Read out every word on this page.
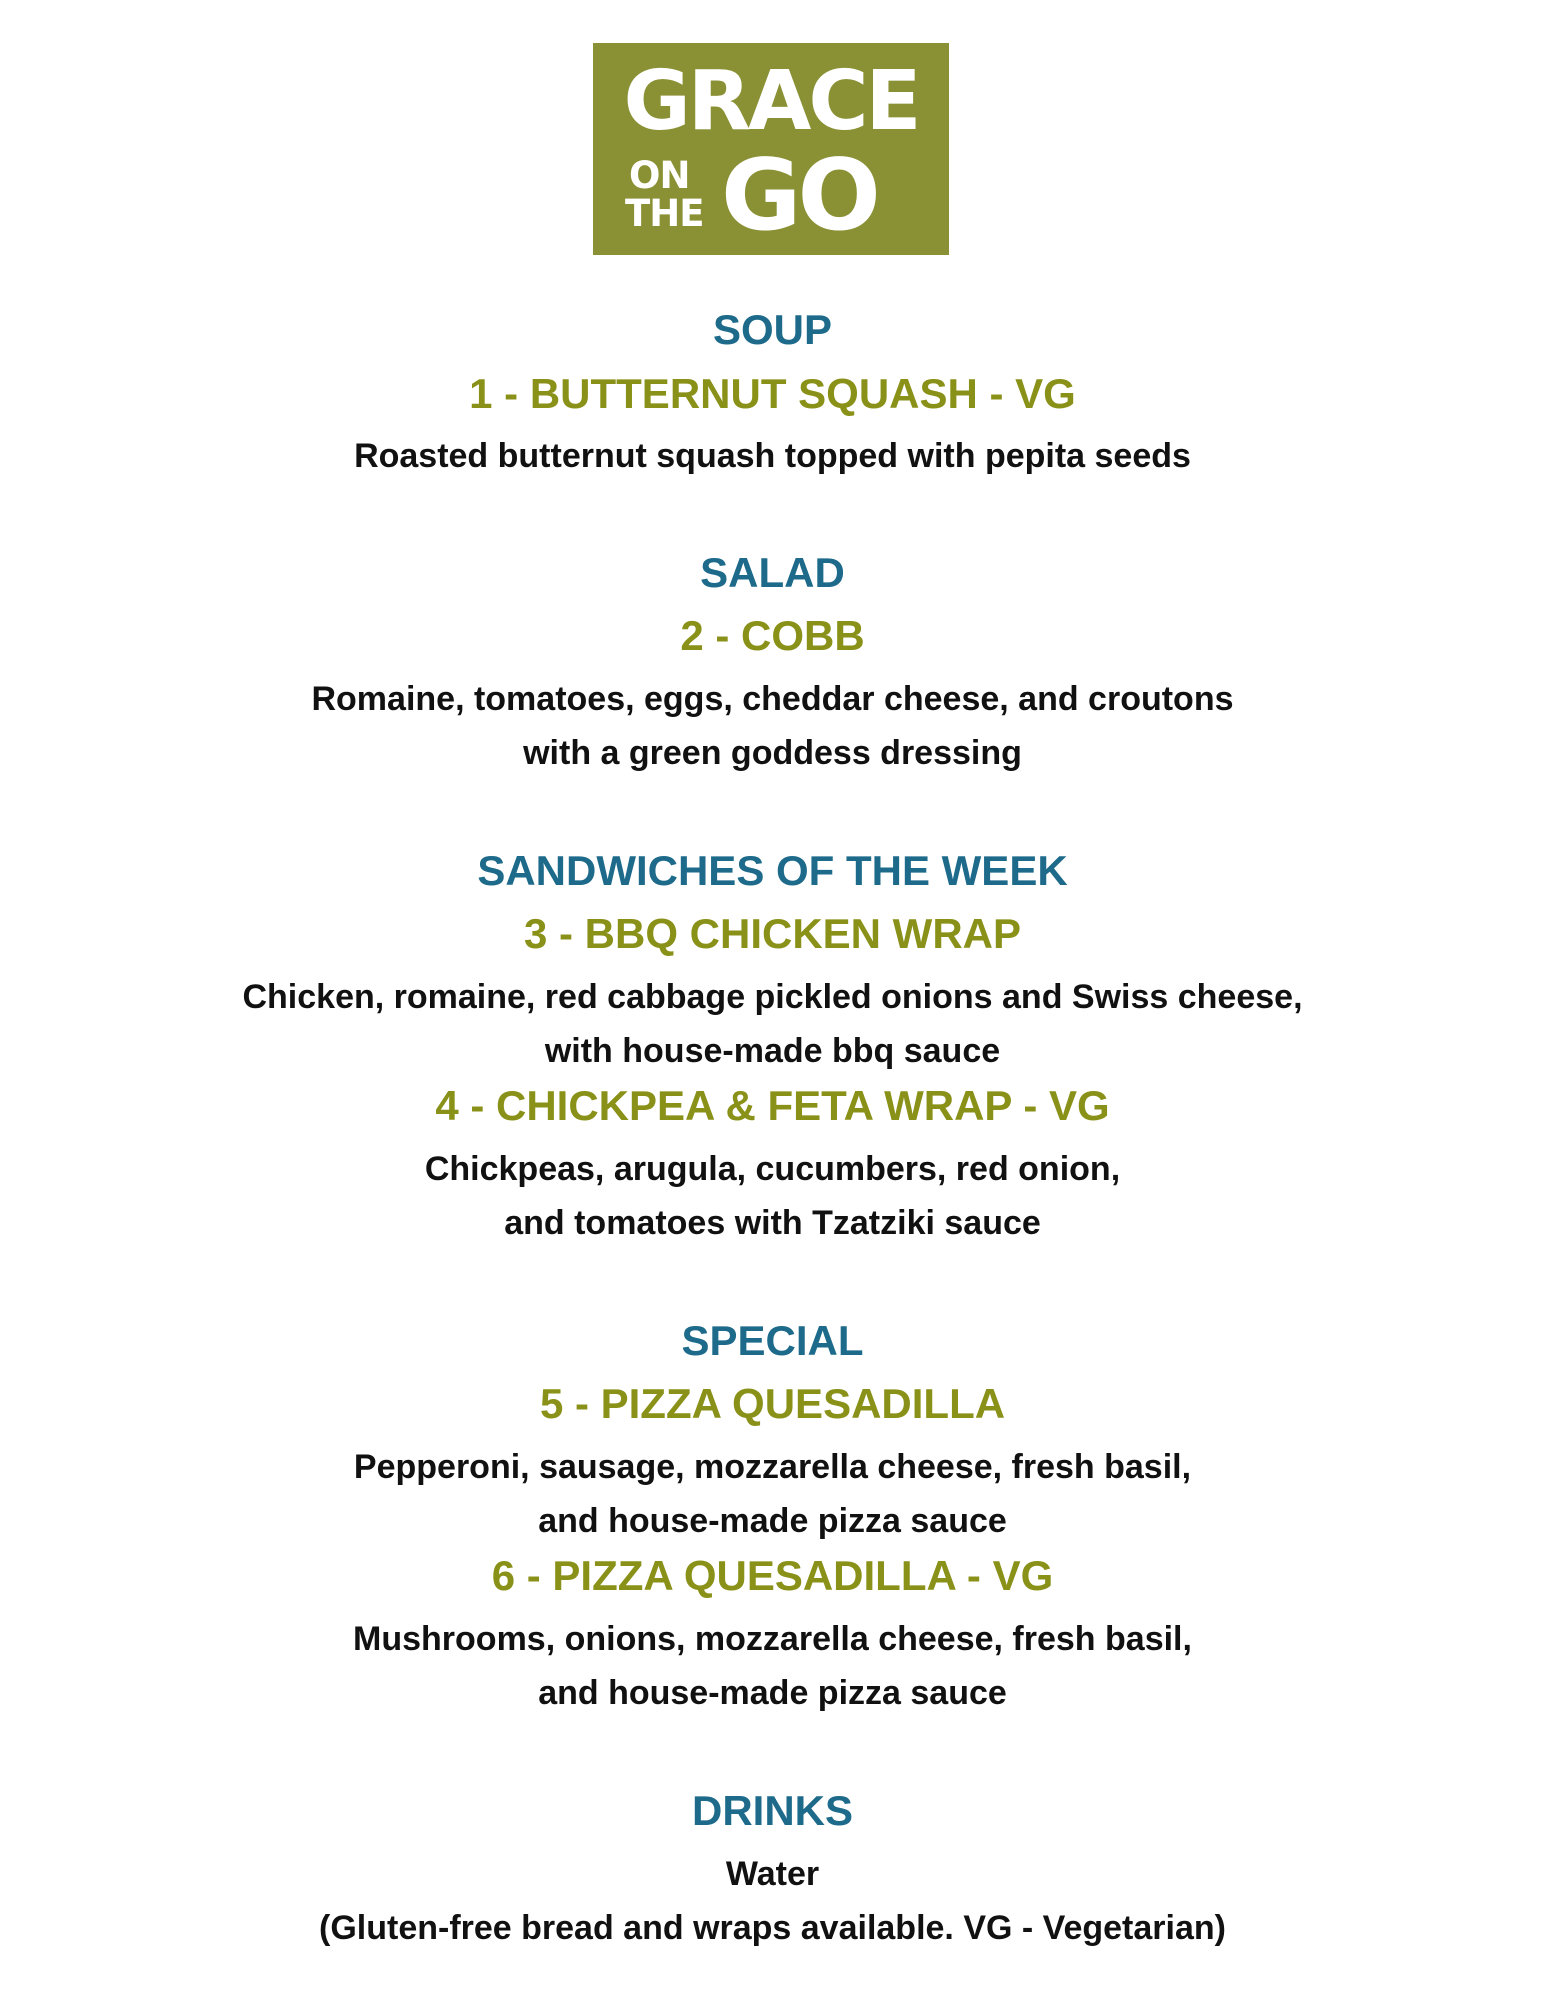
GRACE
ON
THE GO
SOUP
1 - BUTTERNUT SQUASH - VG
Roasted butternut squash topped with pepita seeds
SALAD
2 - COBB
Romaine, tomatoes, eggs, cheddar cheese, and croutons
with a green goddess dressing
SANDWICHES OF THE WEEK
3 - BBQ CHICKEN WRAP
Chicken, romaine, red cabbage pickled onions and Swiss cheese,
with house-made bbq sauce
4 - CHICKPEA & FETA WRAP - VG
Chickpeas, arugula, cucumbers, red onion,
and tomatoes with Tzatziki sauce
SPECIAL
5 - PIZZA QUESADILLA
Pepperoni, sausage, mozzarella cheese, fresh basil,
and house-made pizza sauce
6 - PIZZA QUESADILLA - VG
Mushrooms, onions, mozzarella cheese, fresh basil,
and house-made pizza sauce
DRINKS
Water
(Gluten-free bread and wraps available. VG - Vegetarian)
